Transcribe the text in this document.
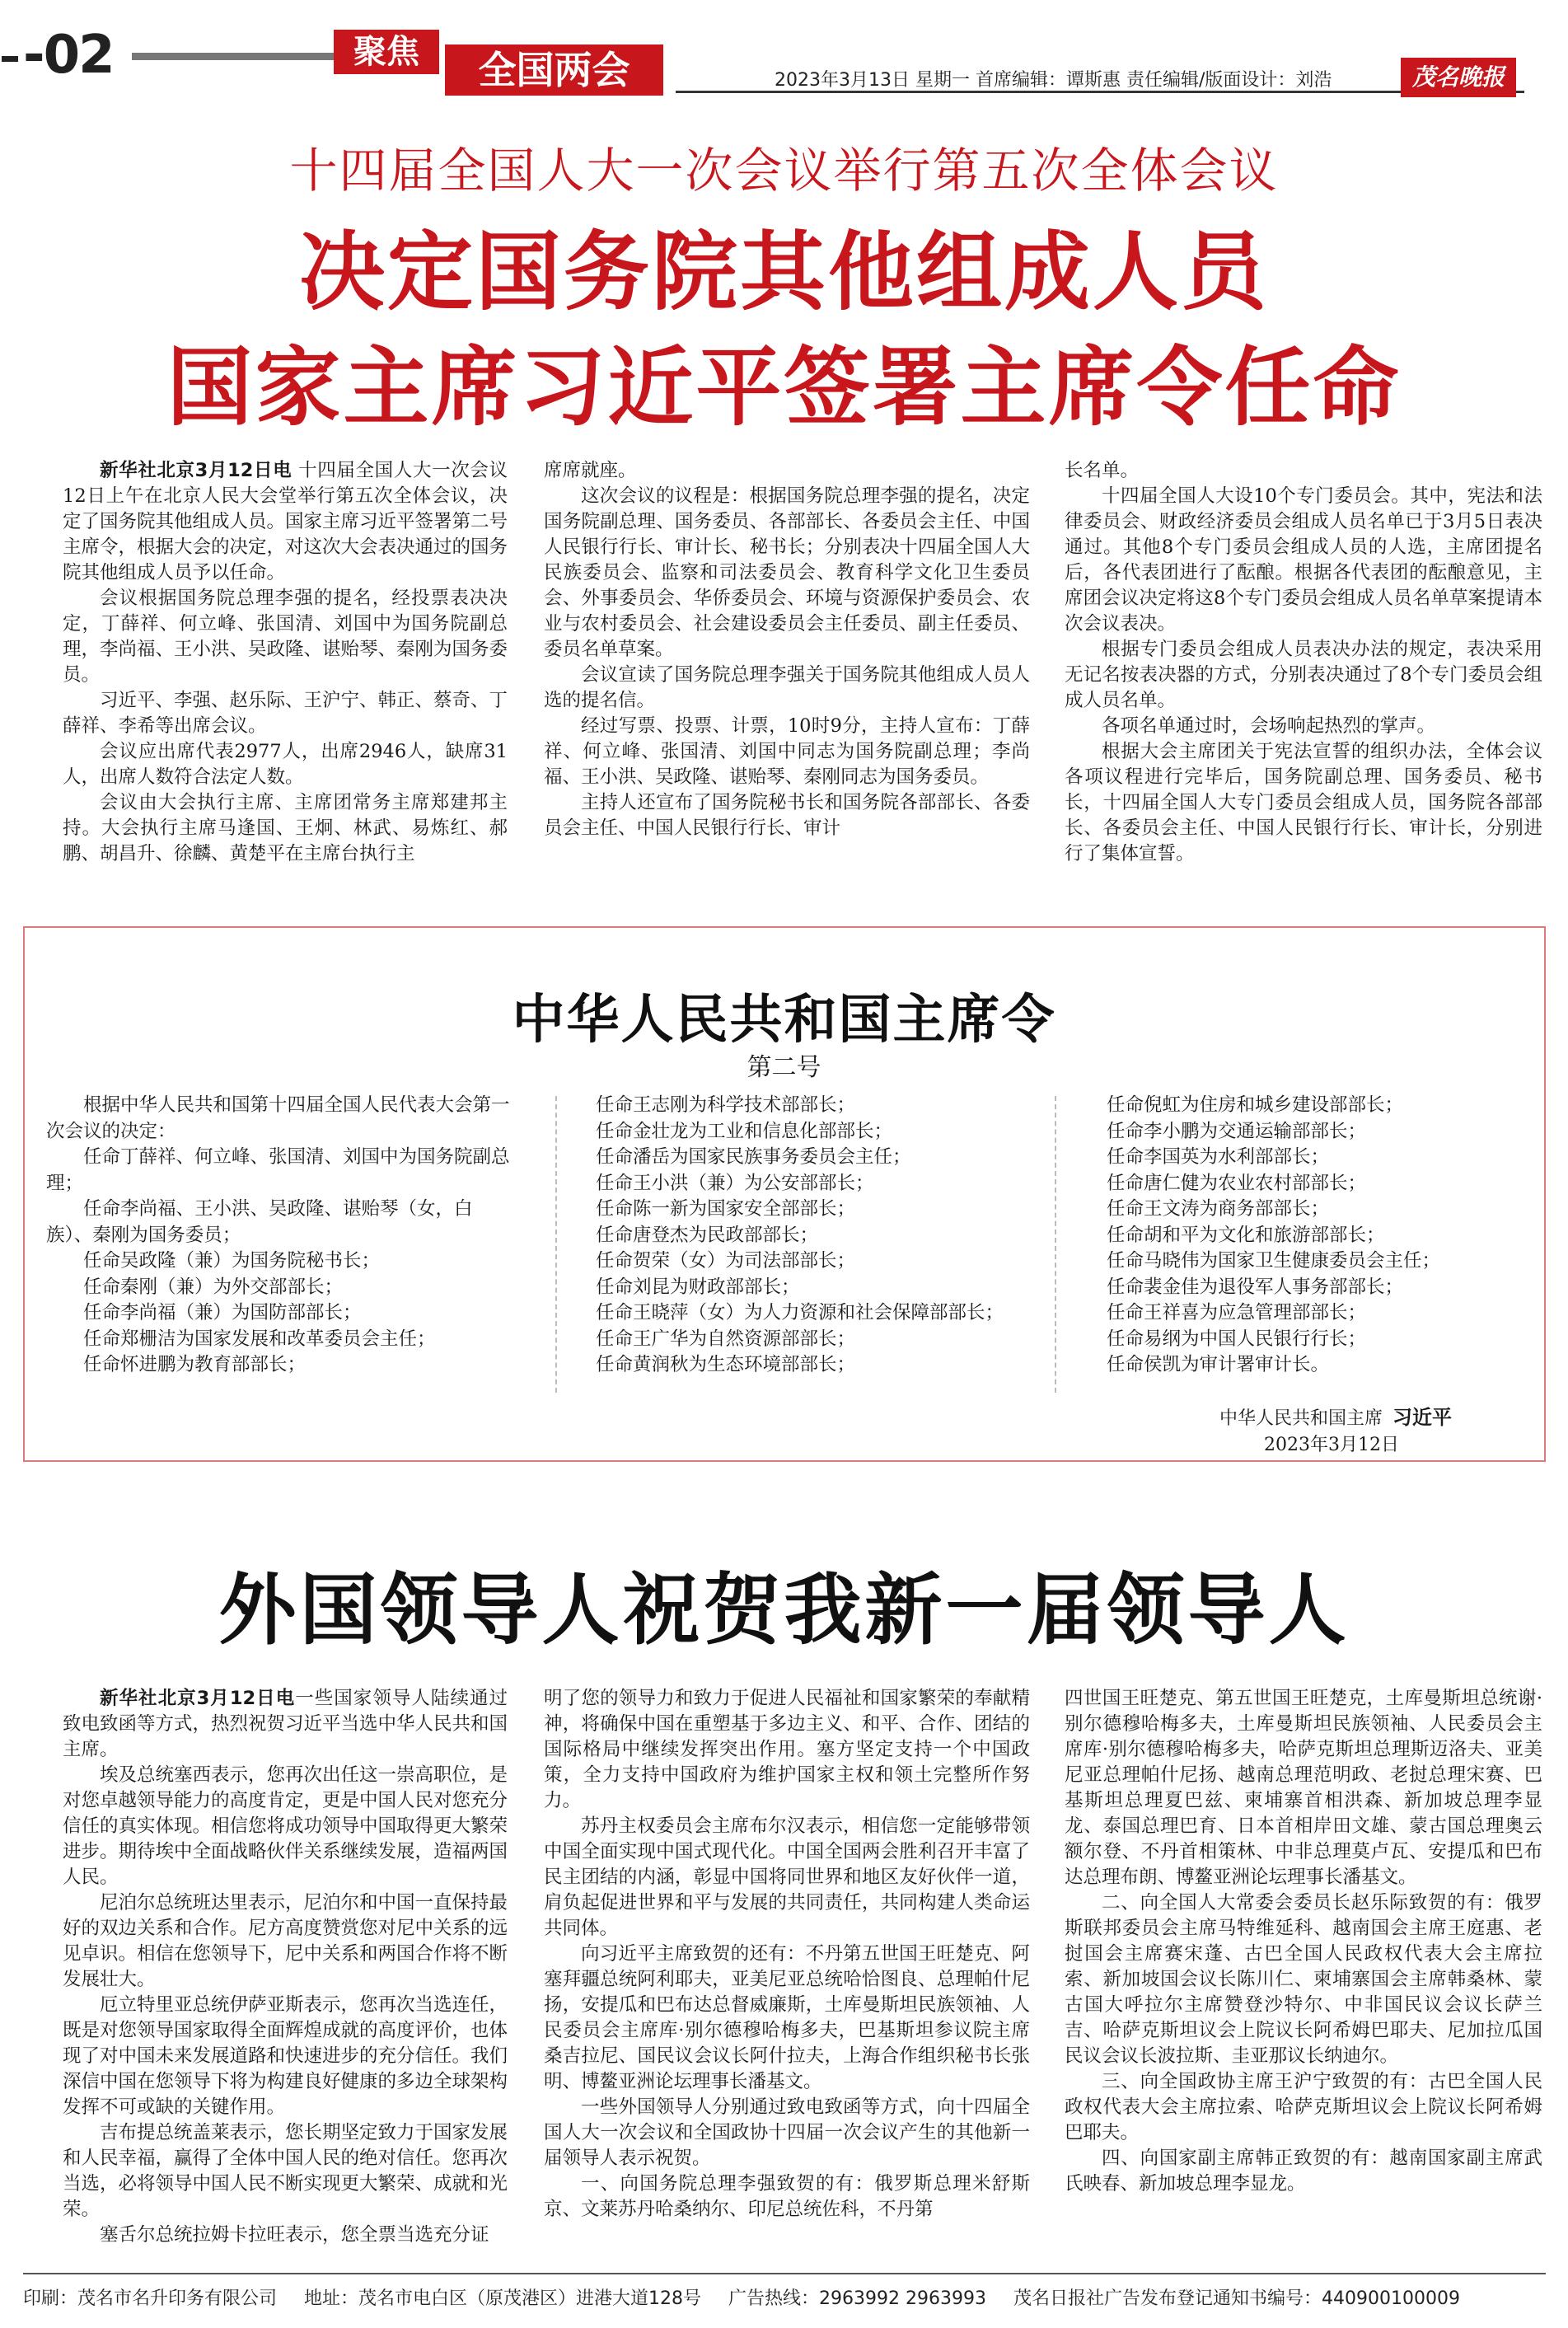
-02	聚焦	全国两会	2023年3月13日 星期一 首席编辑：谭斯惠 责任编辑/版面设计：刘浩	茂名晚报
十四届全国人大一次会议举行第五次全体会议
决定国务院其他组成人员
国家主席习近平签署主席令任命

新华社北京3月12日电 十四届全国人大一次会议12日上午在北京人民大会堂举行第五次全体会议，决定了国务院其他组成人员。国家主席习近平签署第二号主席令，根据大会的决定，对这次大会表决通过的国务院其他组成人员予以任命。

会议根据国务院总理李强的提名，经投票表决决定，丁薛祥、何立峰、张国清、刘国中为国务院副总理，李尚福、王小洪、吴政隆、谌贻琴、秦刚为国务委员。

习近平、李强、赵乐际、王沪宁、韩正、蔡奇、丁薛祥、李希等出席会议。

会议应出席代表2977人，出席2946人，缺席31人，出席人数符合法定人数。

会议由大会执行主席、主席团常务主席郑建邦主持。大会执行主席马逢国、王炯、林武、易炼红、郝鹏、胡昌升、徐麟、黄楚平在主席台执行主

席席就座。

这次会议的议程是：根据国务院总理李强的提名，决定国务院副总理、国务委员、各部部长、各委员会主任、中国人民银行行长、审计长、秘书长；分别表决十四届全国人大民族委员会、监察和司法委员会、教育科学文化卫生委员会、外事委员会、华侨委员会、环境与资源保护委员会、农业与农村委员会、社会建设委员会主任委员、副主任委员、委员名单草案。

会议宣读了国务院总理李强关于国务院其他组成人员人选的提名信。

经过写票、投票、计票，10时9分，主持人宣布：丁薛祥、何立峰、张国清、刘国中同志为国务院副总理；李尚福、王小洪、吴政隆、谌贻琴、秦刚同志为国务委员。

主持人还宣布了国务院秘书长和国务院各部部长、各委员会主任、中国人民银行行长、审计

长名单。

十四届全国人大设10个专门委员会。其中，宪法和法律委员会、财政经济委员会组成人员名单已于3月5日表决通过。其他8个专门委员会组成人员的人选，主席团提名后，各代表团进行了酝酿。根据各代表团的酝酿意见，主席团会议决定将这8个专门委员会组成人员名单草案提请本次会议表决。

根据专门委员会组成人员表决办法的规定，表决采用无记名按表决器的方式，分别表决通过了8个专门委员会组成人员名单。

各项名单通过时，会场响起热烈的掌声。

根据大会主席团关于宪法宣誓的组织办法，全体会议各项议程进行完毕后，国务院副总理、国务委员、秘书长，十四届全国人大专门委员会组成人员，国务院各部部长、各委员会主任、中国人民银行行长、审计长，分别进行了集体宣誓。

中华人民共和国主席令
第二号

根据中华人民共和国第十四届全国人民代表大会第一次会议的决定：

任命丁薛祥、何立峰、张国清、刘国中为国务院副总理；

任命李尚福、王小洪、吴政隆、谌贻琴（女，白族）、秦刚为国务委员；

任命吴政隆（兼）为国务院秘书长；

任命秦刚（兼）为外交部部长；

任命李尚福（兼）为国防部部长；

任命郑栅洁为国家发展和改革委员会主任；

任命怀进鹏为教育部部长；

任命王志刚为科学技术部部长；

任命金壮龙为工业和信息化部部长；

任命潘岳为国家民族事务委员会主任；

任命王小洪（兼）为公安部部长；

任命陈一新为国家安全部部长；

任命唐登杰为民政部部长；

任命贺荣（女）为司法部部长；

任命刘昆为财政部部长；

任命王晓萍（女）为人力资源和社会保障部部长；

任命王广华为自然资源部部长；

任命黄润秋为生态环境部部长；

任命倪虹为住房和城乡建设部部长；

任命李小鹏为交通运输部部长；

任命李国英为水利部部长；

任命唐仁健为农业农村部部长；

任命王文涛为商务部部长；

任命胡和平为文化和旅游部部长；

任命马晓伟为国家卫生健康委员会主任；

任命裴金佳为退役军人事务部部长；

任命王祥喜为应急管理部部长；

任命易纲为中国人民银行行长；

任命侯凯为审计署审计长。

中华人民共和国主席 习近平
2023年3月12日
外国领导人祝贺我新一届领导人

新华社北京3月12日电一些国家领导人陆续通过致电致函等方式，热烈祝贺习近平当选中华人民共和国主席。

埃及总统塞西表示，您再次出任这一崇高职位，是对您卓越领导能力的高度肯定，更是中国人民对您充分信任的真实体现。相信您将成功领导中国取得更大繁荣进步。期待埃中全面战略伙伴关系继续发展，造福两国人民。

尼泊尔总统班达里表示，尼泊尔和中国一直保持最好的双边关系和合作。尼方高度赞赏您对尼中关系的远见卓识。相信在您领导下，尼中关系和两国合作将不断发展壮大。

厄立特里亚总统伊萨亚斯表示，您再次当选连任，既是对您领导国家取得全面辉煌成就的高度评价，也体现了对中国未来发展道路和快速进步的充分信任。我们深信中国在您领导下将为构建良好健康的多边全球架构发挥不可或缺的关键作用。

吉布提总统盖莱表示，您长期坚定致力于国家发展和人民幸福，赢得了全体中国人民的绝对信任。您再次当选，必将领导中国人民不断实现更大繁荣、成就和光荣。

塞舌尔总统拉姆卡拉旺表示，您全票当选充分证

明了您的领导力和致力于促进人民福祉和国家繁荣的奉献精神，将确保中国在重塑基于多边主义、和平、合作、团结的国际格局中继续发挥突出作用。塞方坚定支持一个中国政策，全力支持中国政府为维护国家主权和领土完整所作努力。

苏丹主权委员会主席布尔汉表示，相信您一定能够带领中国全面实现中国式现代化。中国全国两会胜利召开丰富了民主团结的内涵，彰显中国将同世界和地区友好伙伴一道，肩负起促进世界和平与发展的共同责任，共同构建人类命运共同体。

向习近平主席致贺的还有：不丹第五世国王旺楚克、阿塞拜疆总统阿利耶夫，亚美尼亚总统哈恰图良、总理帕什尼扬，安提瓜和巴布达总督威廉斯，土库曼斯坦民族领袖、人民委员会主席库·别尔德穆哈梅多夫，巴基斯坦参议院主席桑吉拉尼、国民议会议长阿什拉夫，上海合作组织秘书长张明、博鳌亚洲论坛理事长潘基文。

一些外国领导人分别通过致电致函等方式，向十四届全国人大一次会议和全国政协十四届一次会议产生的其他新一届领导人表示祝贺。

一、向国务院总理李强致贺的有：俄罗斯总理米舒斯京、文莱苏丹哈桑纳尔、印尼总统佐科，不丹第

四世国王旺楚克、第五世国王旺楚克，土库曼斯坦总统谢·别尔德穆哈梅多夫，土库曼斯坦民族领袖、人民委员会主席库·别尔德穆哈梅多夫，哈萨克斯坦总理斯迈洛夫、亚美尼亚总理帕什尼扬、越南总理范明政、老挝总理宋赛、巴基斯坦总理夏巴兹、柬埔寨首相洪森、新加坡总理李显龙、泰国总理巴育、日本首相岸田文雄、蒙古国总理奥云额尔登、不丹首相策林、中非总理莫卢瓦、安提瓜和巴布达总理布朗、博鳌亚洲论坛理事长潘基文。

二、向全国人大常委会委员长赵乐际致贺的有：俄罗斯联邦委员会主席马特维延科、越南国会主席王庭惠、老挝国会主席赛宋蓬、古巴全国人民政权代表大会主席拉索、新加坡国会议长陈川仁、柬埔寨国会主席韩桑林、蒙古国大呼拉尔主席赞登沙特尔、中非国民议会议长萨兰吉、哈萨克斯坦议会上院议长阿希姆巴耶夫、尼加拉瓜国民议会议长波拉斯、圭亚那议长纳迪尔。

三、向全国政协主席王沪宁致贺的有：古巴全国人民政权代表大会主席拉索、哈萨克斯坦议会上院议长阿希姆巴耶夫。

四、向国家副主席韩正致贺的有：越南国家副主席武氏映春、新加坡总理李显龙。

印刷：茂名市名升印务有限公司 地址：茂名市电白区（原茂港区）进港大道128号 广告热线：2963992 2963993 茂名日报社广告发布登记通知书编号：440900100009
